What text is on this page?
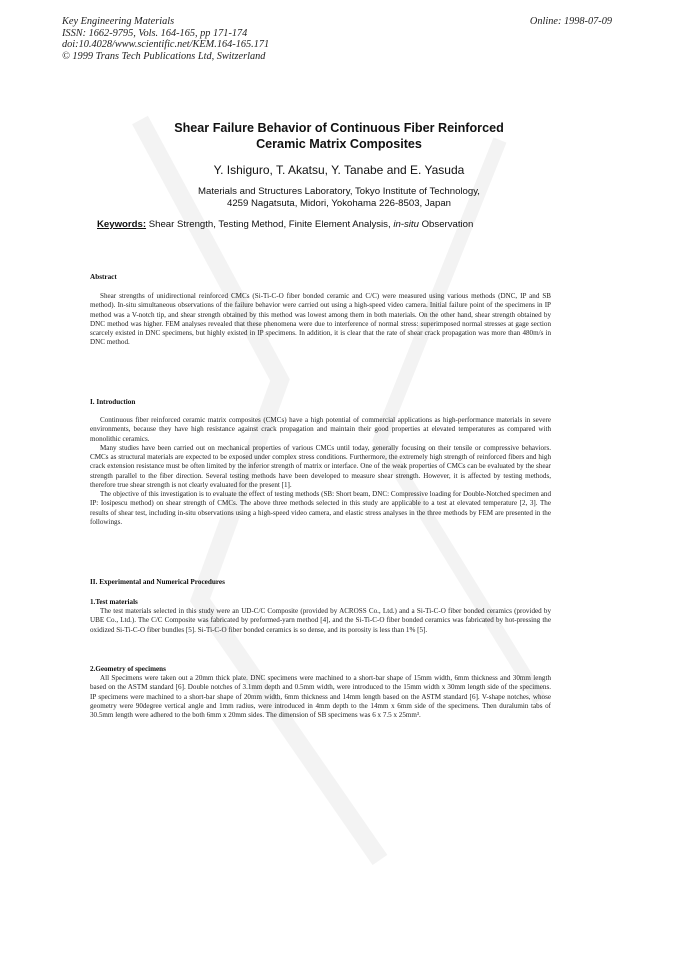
Key Engineering Materials
ISSN: 1662-9795, Vols. 164-165, pp 171-174
doi:10.4028/www.scientific.net/KEM.164-165.171
© 1999 Trans Tech Publications Ltd, Switzerland
Online: 1998-07-09
Shear Failure Behavior of Continuous Fiber Reinforced
Ceramic Matrix Composites
Y. Ishiguro, T. Akatsu, Y. Tanabe and E. Yasuda
Materials and Structures Laboratory, Tokyo Institute of Technology,
4259 Nagatsuta, Midori, Yokohama 226-8503, Japan
Keywords: Shear Strength, Testing Method, Finite Element Analysis, in-situ Observation
Abstract

Shear strengths of unidirectional reinforced CMCs (Si-Ti-C-O fiber bonded ceramic and C/C) were measured using various methods (DNC, IP and SB method). In-situ simultaneous observations of the failure behavior were carried out using a high-speed video camera. Initial failure point of the specimens in IP method was a V-notch tip, and shear strength obtained by this method was lowest among them in both materials. On the other hand, shear strength obtained by DNC method was higher. FEM analyses revealed that these phenomena were due to interference of normal stress: superimposed normal stresses at gage section scarcely existed in DNC specimens, but highly existed in IP specimens. In addition, it is clear that the rate of shear crack propagation was more than 480m/s in DNC method.

I. Introduction

Continuous fiber reinforced ceramic matrix composites (CMCs) have a high potential of commercial applications as high-performance materials in severe environments, because they have high resistance against crack propagation and maintain their good properties at elevated temperatures as compared with monolithic ceramics.

Many studies have been carried out on mechanical properties of various CMCs until today, generally focusing on their tensile or compressive behaviors. CMCs as structural materials are expected to be exposed under complex stress conditions. Furthermore, the extremely high strength of reinforced fibers and high crack extension resistance must be often limited by the inferior strength of matrix or interface. One of the weak properties of CMCs can be evaluated by the shear strength parallel to the fiber direction. Several testing methods have been developed to measure shear strength. However, it is affected by testing methods, therefore true shear strength is not clearly evaluated for the present [1].

The objective of this investigation is to evaluate the effect of testing methods (SB: Short beam, DNC: Compressive loading for Double-Notched specimen and IP: Iosipescu method) on shear strength of CMCs. The above three methods selected in this study are applicable to a test at elevated temperature [2, 3]. The results of shear test, including in-situ observations using a high-speed video camera, and elastic stress analyses in the three methods by FEM are presented in the followings.

II. Experimental and Numerical Procedures
1.Test materials

The test materials selected in this study were an UD-C/C Composite (provided by ACROSS Co., Ltd.) and a Si-Ti-C-O fiber bonded ceramics (provided by UBE Co., Ltd.). The C/C Composite was fabricated by preformed-yarn method [4], and the Si-Ti-C-O fiber bonded ceramics was fabricated by hot-pressing the oxidized Si-Ti-C-O fiber bundles [5]. Si-Ti-C-O fiber bonded ceramics is so dense, and its porosity is less than 1% [5].

2.Geometry of specimens

All Specimens were taken out a 20mm thick plate. DNC specimens were machined to a short-bar shape of 15mm width, 6mm thickness and 30mm length based on the ASTM standard [6]. Double notches of 3.1mm depth and 0.5mm width, were introduced to the 15mm width x 30mm length side of the specimens. IP specimens were machined to a short-bar shape of 20mm width, 6mm thickness and 14mm length based on the ASTM standard [6]. V-shape notches, whose geometry were 90degree vertical angle and 1mm radius, were introduced in 4mm depth to the 14mm x 6mm side of the specimens. Then duralumin tabs of 30.5mm length were adhered to the both 6mm x 20mm sides. The dimension of SB specimens was 6 x 7.5 x 25mm³.
